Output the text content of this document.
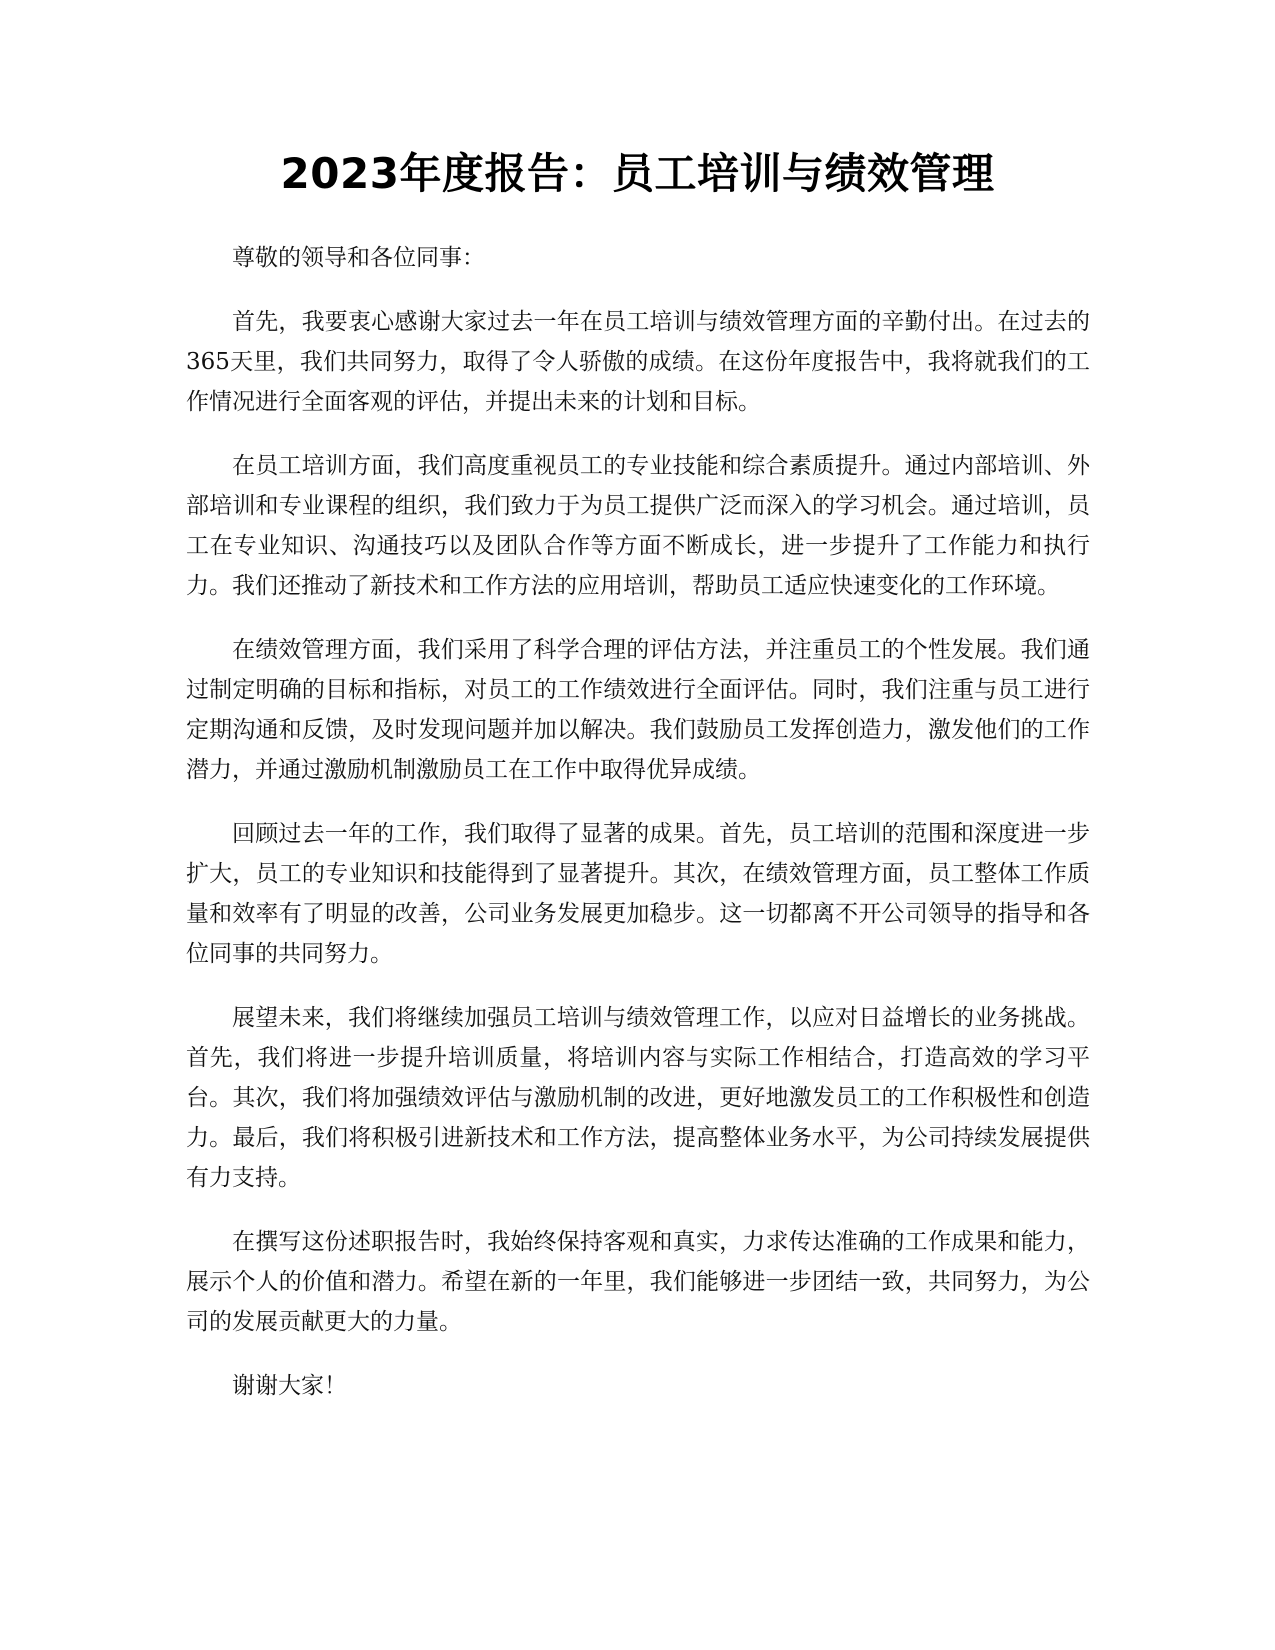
2023年度报告：员工培训与绩效管理

尊敬的领导和各位同事：

首先，我要衷心感谢大家过去一年在员工培训与绩效管理方面的辛勤付出。在过去的365天里，我们共同努力，取得了令人骄傲的成绩。在这份年度报告中，我将就我们的工作情况进行全面客观的评估，并提出未来的计划和目标。

在员工培训方面，我们高度重视员工的专业技能和综合素质提升。通过内部培训、外部培训和专业课程的组织，我们致力于为员工提供广泛而深入的学习机会。通过培训，员工在专业知识、沟通技巧以及团队合作等方面不断成长，进一步提升了工作能力和执行力。我们还推动了新技术和工作方法的应用培训，帮助员工适应快速变化的工作环境。

在绩效管理方面，我们采用了科学合理的评估方法，并注重员工的个性发展。我们通过制定明确的目标和指标，对员工的工作绩效进行全面评估。同时，我们注重与员工进行定期沟通和反馈，及时发现问题并加以解决。我们鼓励员工发挥创造力，激发他们的工作潜力，并通过激励机制激励员工在工作中取得优异成绩。

回顾过去一年的工作，我们取得了显著的成果。首先，员工培训的范围和深度进一步扩大，员工的专业知识和技能得到了显著提升。其次，在绩效管理方面，员工整体工作质量和效率有了明显的改善，公司业务发展更加稳步。这一切都离不开公司领导的指导和各位同事的共同努力。

展望未来，我们将继续加强员工培训与绩效管理工作，以应对日益增长的业务挑战。首先，我们将进一步提升培训质量，将培训内容与实际工作相结合，打造高效的学习平台。其次，我们将加强绩效评估与激励机制的改进，更好地激发员工的工作积极性和创造力。最后，我们将积极引进新技术和工作方法，提高整体业务水平，为公司持续发展提供有力支持。

在撰写这份述职报告时，我始终保持客观和真实，力求传达准确的工作成果和能力，展示个人的价值和潜力。希望在新的一年里，我们能够进一步团结一致，共同努力，为公司的发展贡献更大的力量。

谢谢大家！
